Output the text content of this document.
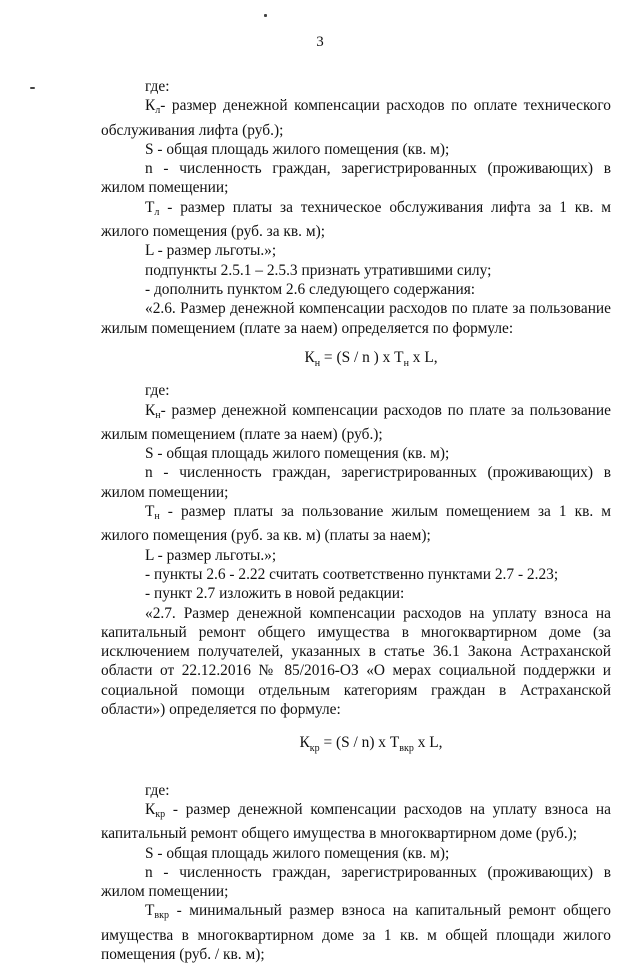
3
где:
$К_л-$ размер денежной компенсации расходов по оплате технического обслуживания лифта (руб.);
S - общая площадь жилого помещения (кв. м);
n - численность граждан, зарегистрированных (проживающих) в жилом помещении;
$Т_л$ - размер платы за техническое обслуживания лифта за 1 кв. м жилого помещения (руб. за кв. м);
L - размер льготы.»;
подпункты 2.5.1 – 2.5.3 признать утратившими силу;
- дополнить пунктом 2.6 следующего содержания:
«2.6. Размер денежной компенсации расходов по плате за пользование жилым помещением (плате за наем) определяется по формуле:
$К_н = (S / n$ ) x $Т_н$ x L,
где:
$К_н-$ размер денежной компенсации расходов по плате за пользование жилым помещением (плате за наем) (руб.);
S - общая площадь жилого помещения (кв. м);
n - численность граждан, зарегистрированных (проживающих) в жилом помещении;
$Т_н$ - размер платы за пользование жилым помещением за 1 кв. м жилого помещения (руб. за кв. м) (платы за наем);
L - размер льготы.»;
- пункты 2.6 - 2.22 считать соответственно пунктами 2.7 - 2.23;
- пункт 2.7 изложить в новой редакции:
«2.7. Размер денежной компенсации расходов на уплату взноса на капитальный ремонт общего имущества в многоквартирном доме (за исключением получателей, указанных в статье 36.1 Закона Астраханской области от 22.12.2016 № 85/2016-ОЗ «О мерах социальной поддержки и социальной помощи отдельным категориям граждан в Астраханской области») определяется по формуле:
$К_{кр} = (S / n)$ x $Т_{вкр}$ x L,
где:
$К_{кр}$ - размер денежной компенсации расходов на уплату взноса на капитальный ремонт общего имущества в многоквартирном доме (руб.);
S - общая площадь жилого помещения (кв. м);
n - численность граждан, зарегистрированных (проживающих) в жилом помещении;
$Т_{вкр}$ - минимальный размер взноса на капитальный ремонт общего имущества в многоквартирном доме за 1 кв. м общей площади жилого помещения (руб. / кв. м);
